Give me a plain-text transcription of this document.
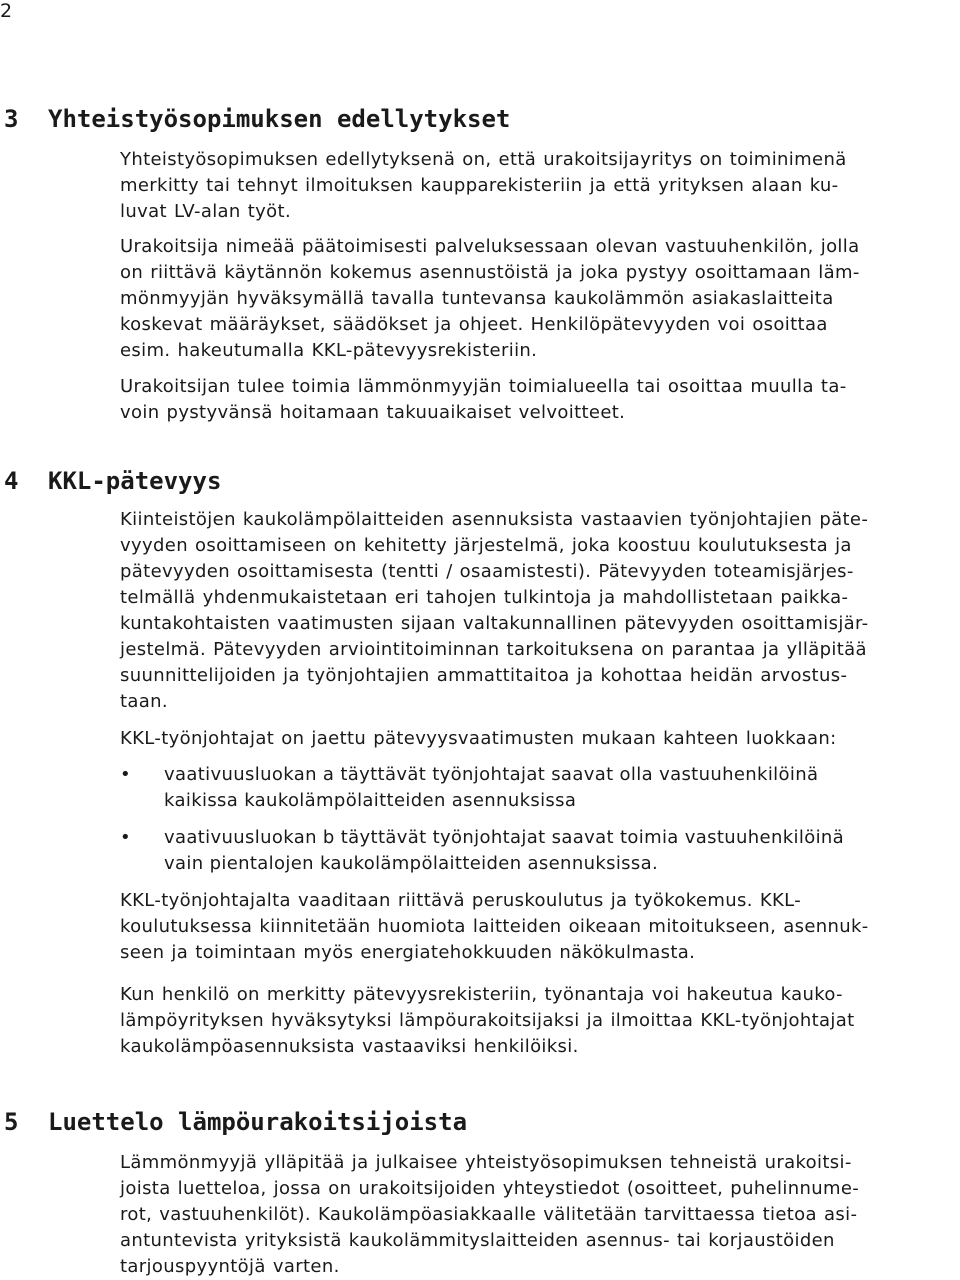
2
3 Yhteistyösopimuksen edellytykset
Yhteistyösopimuksen edellytyksenä on, että urakoitsijayritys on toiminimenä
merkitty tai tehnyt ilmoituksen kaupparekisteriin ja että yrityksen alaan ku-
luvat LV-alan työt.
Urakoitsija nimeää päätoimisesti palveluksessaan olevan vastuuhenkilön, jolla
on riittävä käytännön kokemus asennustöistä ja joka pystyy osoittamaan läm-
mönmyyjän hyväksymällä tavalla tuntevansa kaukolämmön asiakaslaitteita
koskevat määräykset, säädökset ja ohjeet. Henkilöpätevyyden voi osoittaa
esim. hakeutumalla KKL-pätevyysrekisteriin.
Urakoitsijan tulee toimia lämmönmyyjän toimialueella tai osoittaa muulla ta-
voin pystyvänsä hoitamaan takuuaikaiset velvoitteet.
4 KKL-pätevyys
Kiinteistöjen kaukolämpölaitteiden asennuksista vastaavien työnjohtajien päte-
vyyden osoittamiseen on kehitetty järjestelmä, joka koostuu koulutuksesta ja
pätevyyden osoittamisesta (tentti / osaamistesti). Pätevyyden toteamisjärjes-
telmällä yhdenmukaistetaan eri tahojen tulkintoja ja mahdollistetaan paikka-
kuntakohtaisten vaatimusten sijaan valtakunnallinen pätevyyden osoittamisjär-
jestelmä. Pätevyyden arviointitoiminnan tarkoituksena on parantaa ja ylläpitää
suunnittelijoiden ja työnjohtajien ammattitaitoa ja kohottaa heidän arvostus-
taan.
KKL-työnjohtajat on jaettu pätevyysvaatimusten mukaan kahteen luokkaan:
•	vaativuusluokan a täyttävät työnjohtajat saavat olla vastuuhenkilöinä
kaikissa kaukolämpölaitteiden asennuksissa
•	vaativuusluokan b täyttävät työnjohtajat saavat toimia vastuuhenkilöinä
vain pientalojen kaukolämpölaitteiden asennuksissa.
KKL-työnjohtajalta vaaditaan riittävä peruskoulutus ja työkokemus. KKL-
koulutuksessa kiinnitetään huomiota laitteiden oikeaan mitoitukseen, asennuk-
seen ja toimintaan myös energiatehokkuuden näkökulmasta.
Kun henkilö on merkitty pätevyysrekisteriin, työnantaja voi hakeutua kauko-
lämpöyrityksen hyväksytyksi lämpöurakoitsijaksi ja ilmoittaa KKL-työnjohtajat
kaukolämpöasennuksista vastaaviksi henkilöiksi.
5 Luettelo lämpöurakoitsijoista
Lämmönmyyjä ylläpitää ja julkaisee yhteistyösopimuksen tehneistä urakoitsi-
joista luetteloa, jossa on urakoitsijoiden yhteystiedot (osoitteet, puhelinnume-
rot, vastuuhenkilöt). Kaukolämpöasiakkaalle välitetään tarvittaessa tietoa asi-
antuntevista yrityksistä kaukolämmityslaitteiden asennus- tai korjaustöiden
tarjouspyyntöjä varten.
